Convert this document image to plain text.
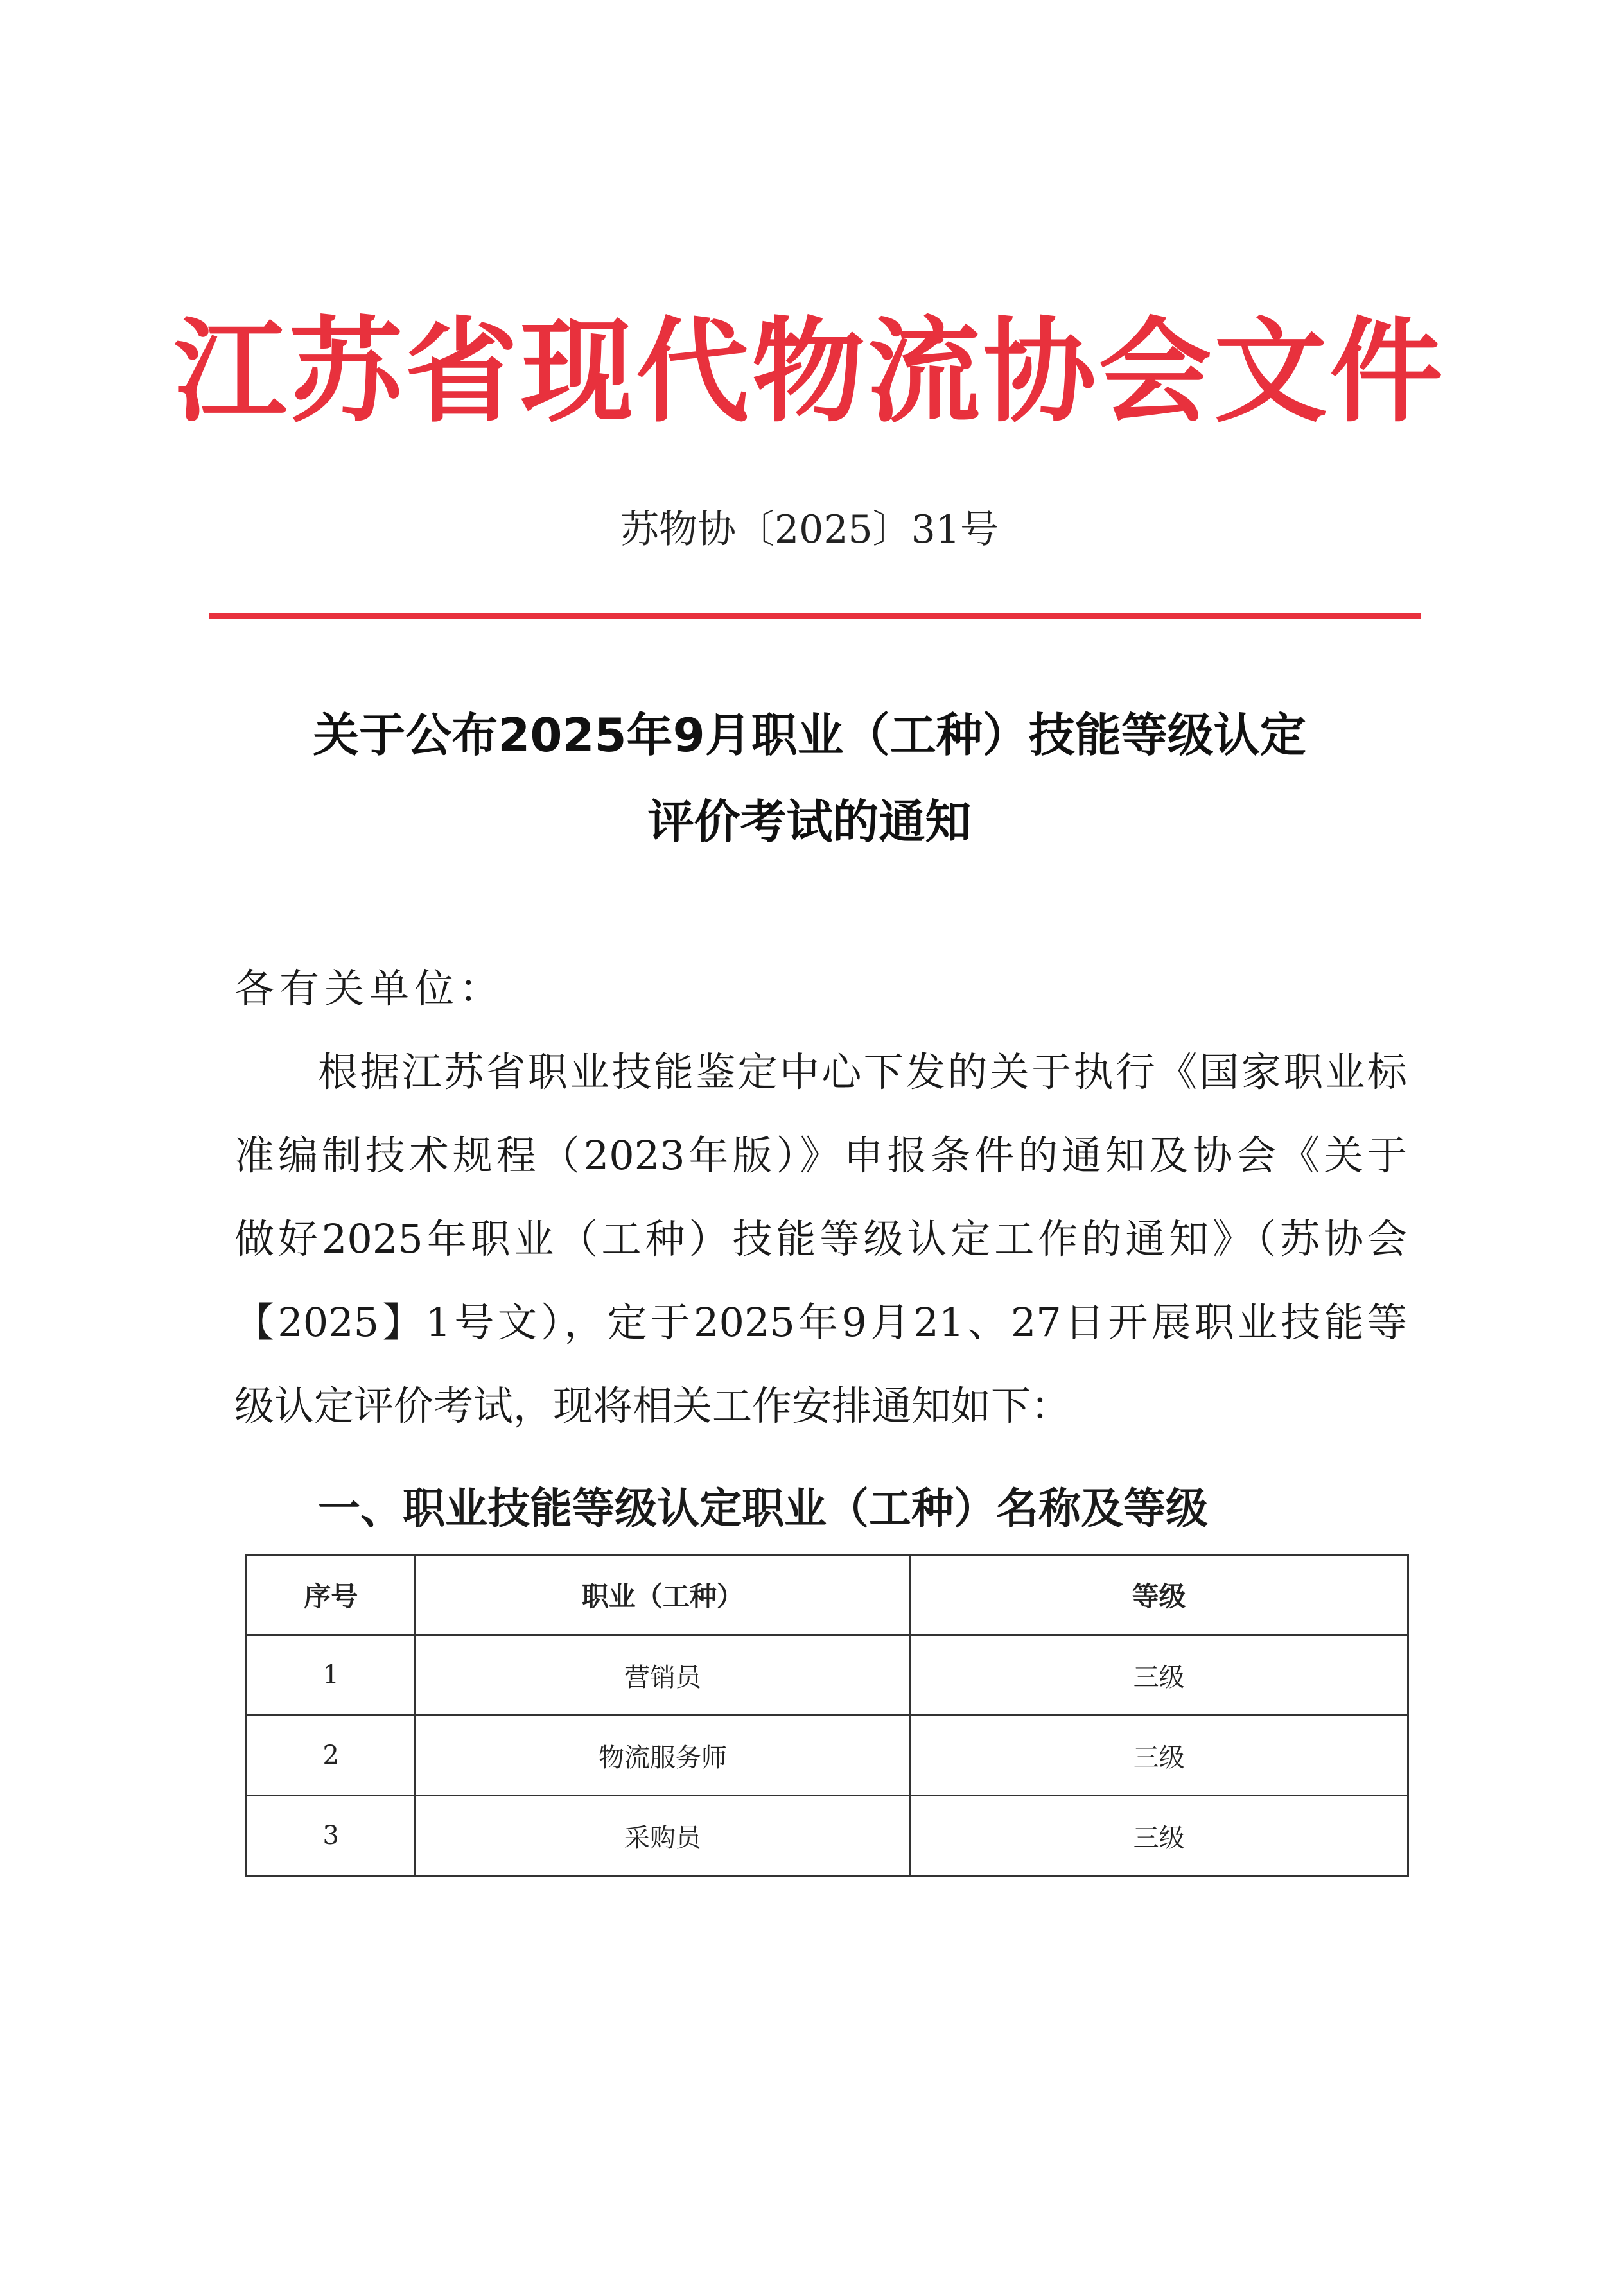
江苏省现代物流协会文件
苏物协〔2025〕31号
关于公布2025年9月职业（工种）技能等级认定
评价考试的通知
各有关单位：
根据江苏省职业技能鉴定中心下发的关于执行《国家职业标
准编制技术规程（2023年版）》申报条件的通知及协会《关于
做好2025年职业（工种）技能等级认定工作的通知》（苏协会
【2025】1号文），定于2025年9月21、27日开展职业技能等
级认定评价考试，现将相关工作安排通知如下：
一、职业技能等级认定职业（工种）名称及等级
序号	职业（工种）	等级
1	营销员	三级
2	物流服务师	三级
3	采购员	三级
